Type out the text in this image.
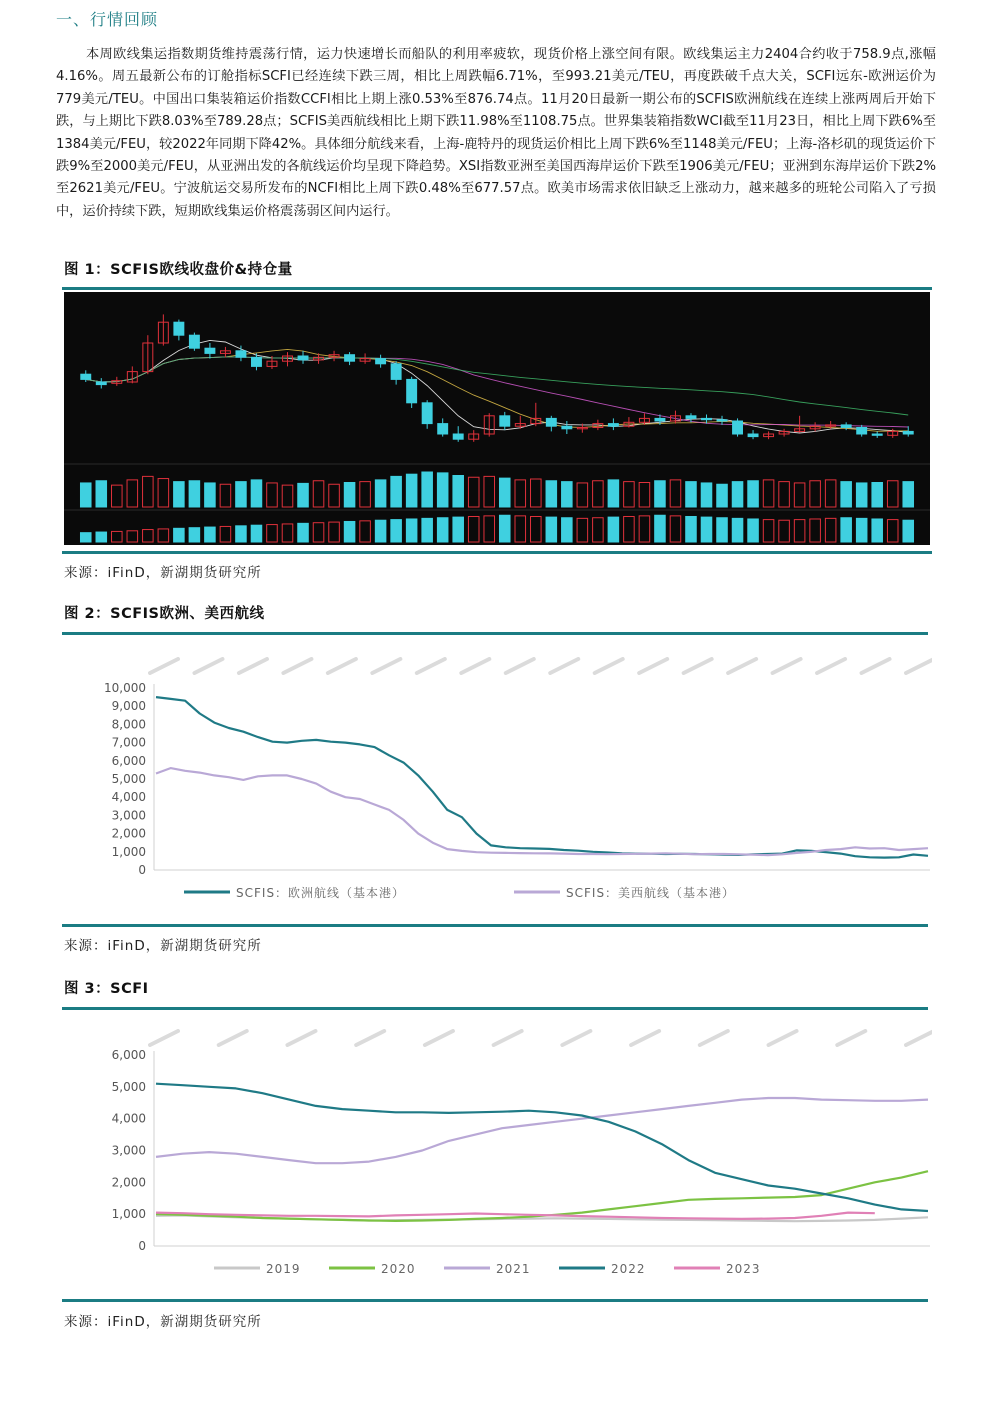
一、行情回顾
本周欧线集运指数期货维持震荡行情，运力快速增长而船队的利用率疲软，现货价格上涨空间有限。欧线集运主力2404合约收于758.9点,涨幅4.16%。周五最新公布的订舱指标SCFI已经连续下跌三周，相比上周跌幅6.71%，至993.21美元/TEU，再度跌破千点大关，SCFI远东-欧洲运价为779美元/TEU。中国出口集装箱运价指数CCFI相比上期上涨0.53%至876.74点。11月20日最新一期公布的SCFIS欧洲航线在连续上涨两周后开始下跌，与上期比下跌8.03%至789.28点；SCFIS美西航线相比上期下跌11.98%至1108.75点。世界集装箱指数WCI截至11月23日，相比上周下跌6%至1384美元/FEU，较2022年同期下降42%。具体细分航线来看，上海-鹿特丹的现货运价相比上周下跌6%至1148美元/FEU；上海-洛杉矶的现货运价下跌9%至2000美元/FEU，从亚洲出发的各航线运价均呈现下降趋势。XSI指数亚洲至美国西海岸运价下跌至1906美元/FEU；亚洲到东海岸运价下跌2%至2621美元/FEU。宁波航运交易所发布的NCFI相比上周下跌0.48%至677.57点。欧美市场需求依旧缺乏上涨动力，越来越多的班轮公司陷入了亏损中，运价持续下跌，短期欧线集运价格震荡弱区间内运行。
图 1：SCFIS欧线收盘价&持仓量
来源：iFinD，新湖期货研究所
图 2：SCFIS欧洲、美西航线
0
1,000
2,000
3,000
4,000
5,000
6,000
7,000
8,000
9,000
10,000
SCFIS：欧洲航线（基本港）	SCFIS：美西航线（基本港）
来源：iFinD，新湖期货研究所
图 3：SCFI
0
1,000
2,000
3,000
4,000
5,000
6,000
2019	2020	2021	2022	2023
来源：iFinD，新湖期货研究所
